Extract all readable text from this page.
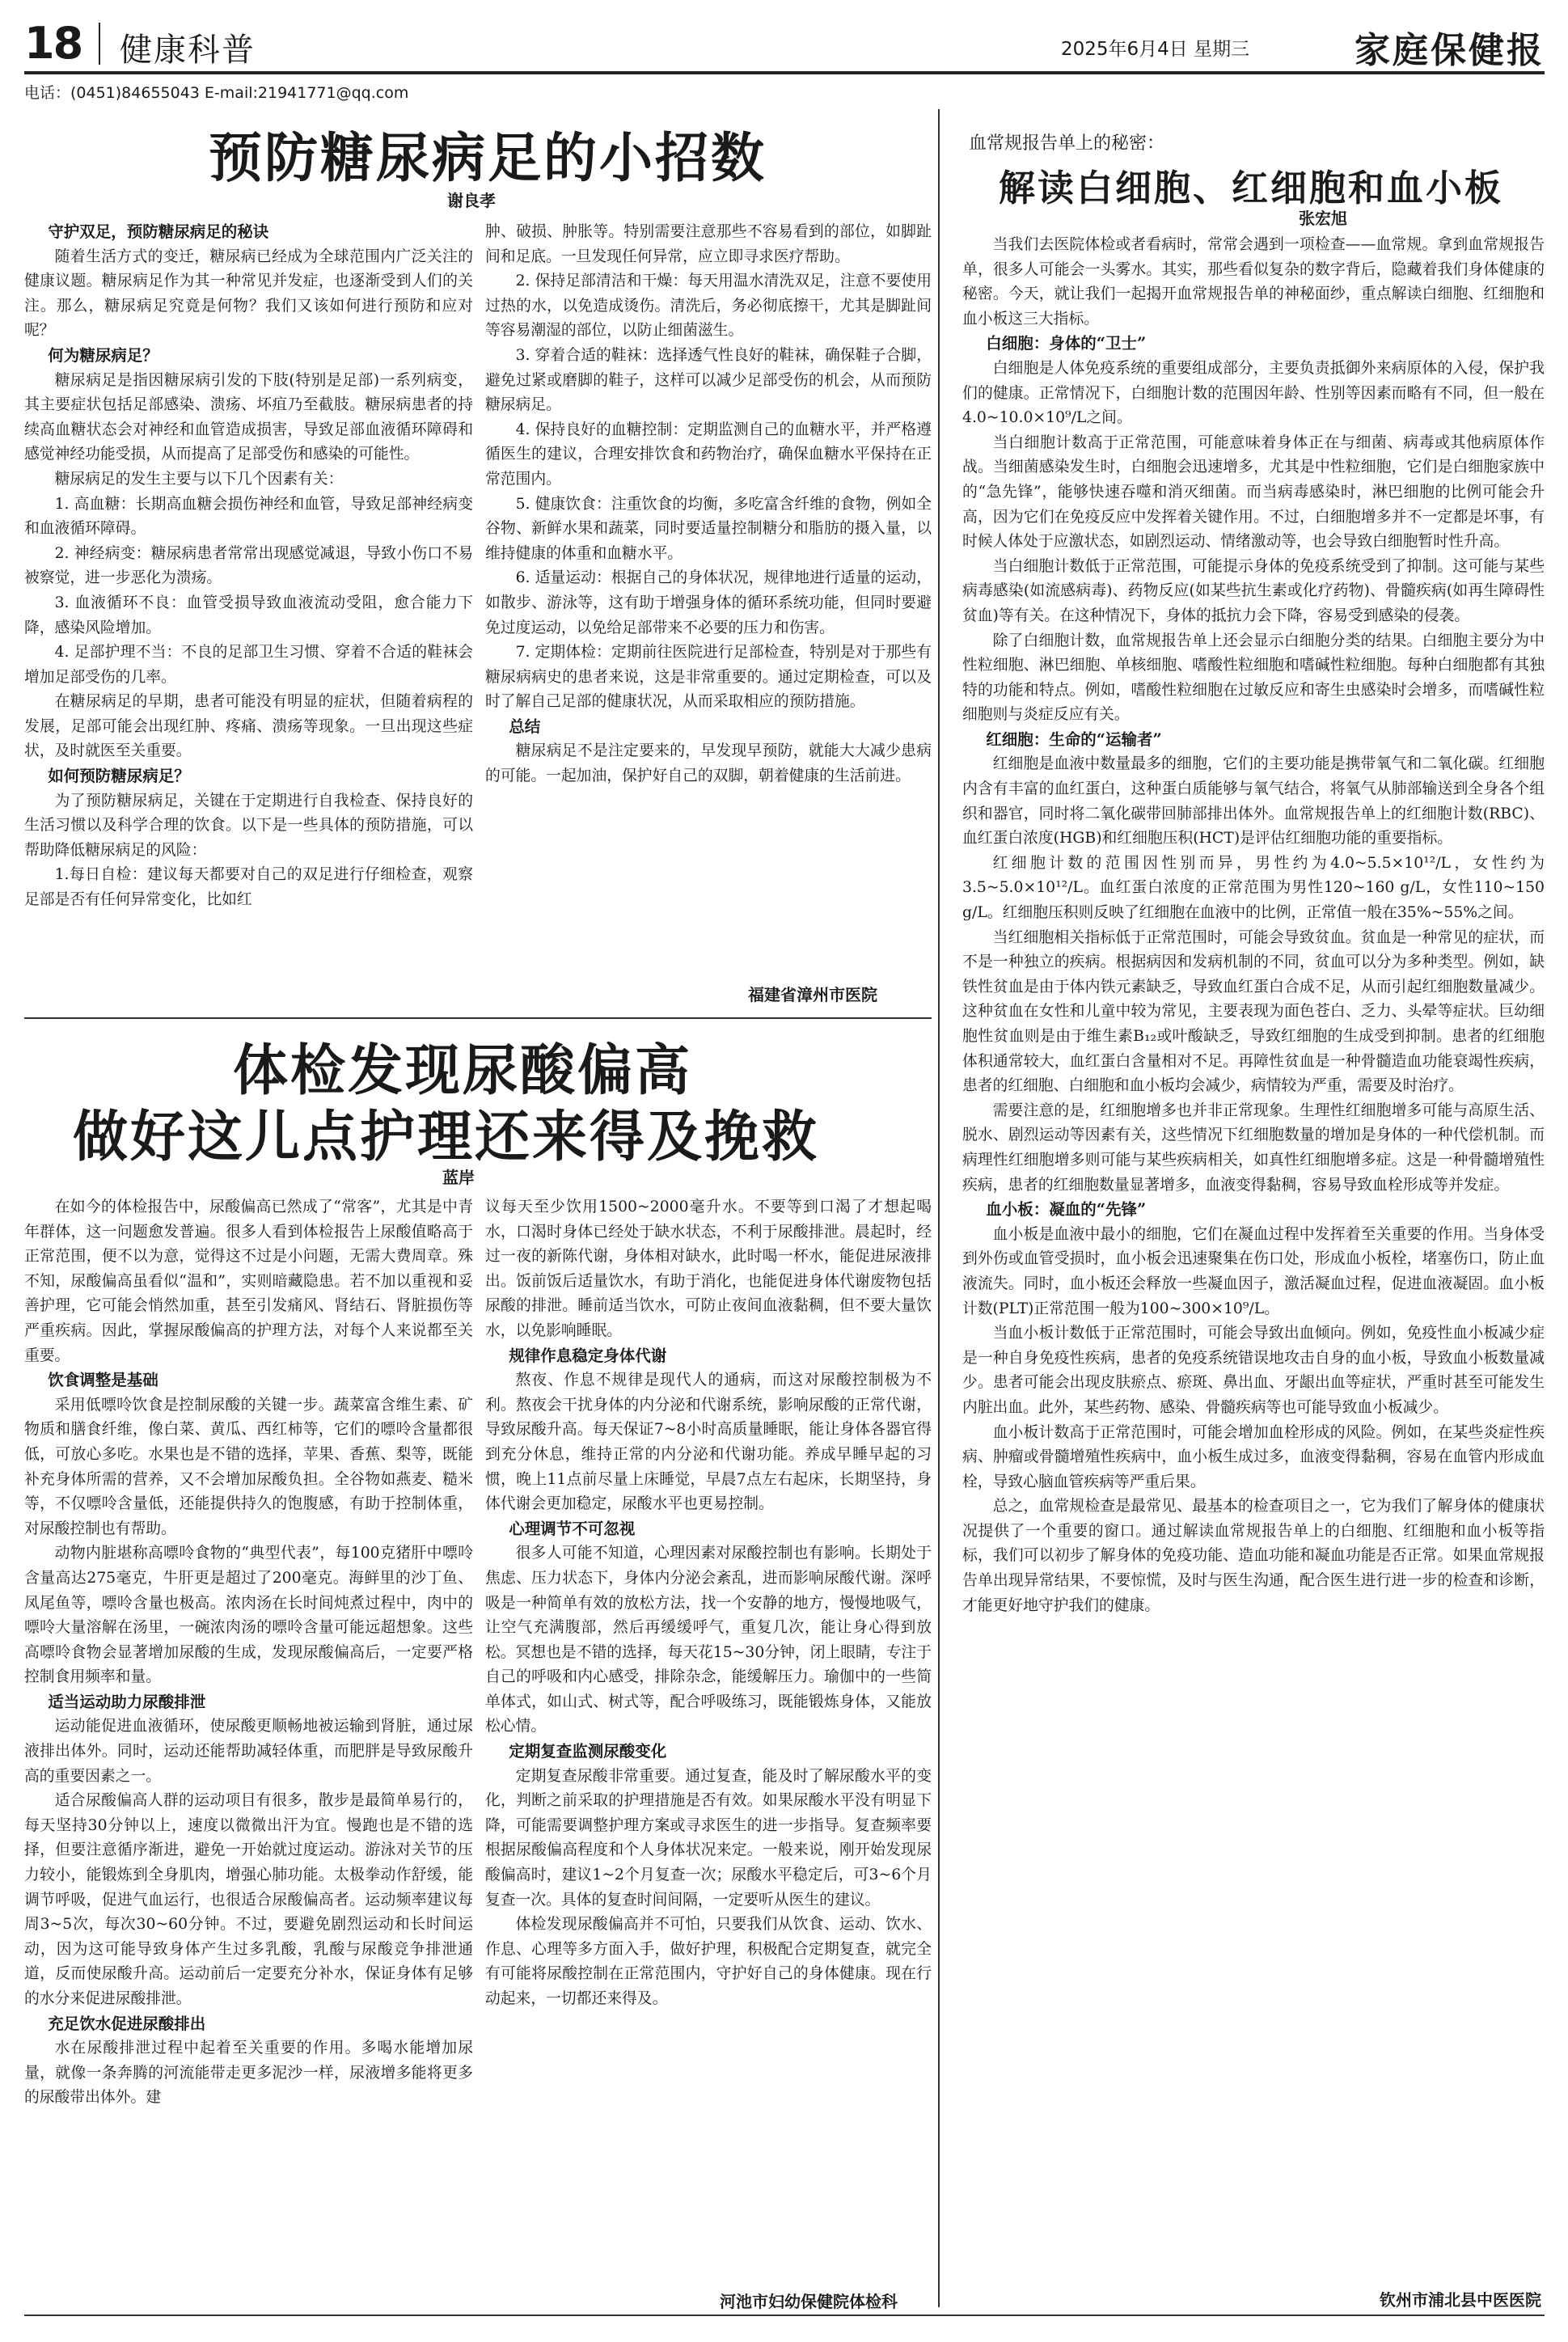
18 健康科普	2025年6月4日 星期三	家庭保健报
电话：(0451)84655043 E-mail:21941771@qq.com
预防糖尿病足的小招数
谢良孝
守护双足，预防糖尿病足的秘诀

随着生活方式的变迁，糖尿病已经成为全球范围内广泛关注的健康议题。糖尿病足作为其一种常见并发症，也逐渐受到人们的关注。那么，糖尿病足究竟是何物？我们又该如何进行预防和应对呢？

何为糖尿病足？

糖尿病足是指因糖尿病引发的下肢(特别是足部)一系列病变，其主要症状包括足部感染、溃疡、坏疽乃至截肢。糖尿病患者的持续高血糖状态会对神经和血管造成损害，导致足部血液循环障碍和感觉神经功能受损，从而提高了足部受伤和感染的可能性。

糖尿病足的发生主要与以下几个因素有关：

1. 高血糖：长期高血糖会损伤神经和血管，导致足部神经病变和血液循环障碍。

2. 神经病变：糖尿病患者常常出现感觉减退，导致小伤口不易被察觉，进一步恶化为溃疡。

3. 血液循环不良：血管受损导致血液流动受阻，愈合能力下降，感染风险增加。

4. 足部护理不当：不良的足部卫生习惯、穿着不合适的鞋袜会增加足部受伤的几率。

在糖尿病足的早期，患者可能没有明显的症状，但随着病程的发展，足部可能会出现红肿、疼痛、溃疡等现象。一旦出现这些症状，及时就医至关重要。

如何预防糖尿病足？

为了预防糖尿病足，关键在于定期进行自我检查、保持良好的生活习惯以及科学合理的饮食。以下是一些具体的预防措施，可以帮助降低糖尿病足的风险：

1.每日自检：建议每天都要对自己的双足进行仔细检查，观察足部是否有任何异常变化，比如红

肿、破损、肿胀等。特别需要注意那些不容易看到的部位，如脚趾间和足底。一旦发现任何异常，应立即寻求医疗帮助。

2. 保持足部清洁和干燥：每天用温水清洗双足，注意不要使用过热的水，以免造成烫伤。清洗后，务必彻底擦干，尤其是脚趾间等容易潮湿的部位，以防止细菌滋生。

3. 穿着合适的鞋袜：选择透气性良好的鞋袜，确保鞋子合脚，避免过紧或磨脚的鞋子，这样可以减少足部受伤的机会，从而预防糖尿病足。

4. 保持良好的血糖控制：定期监测自己的血糖水平，并严格遵循医生的建议，合理安排饮食和药物治疗，确保血糖水平保持在正常范围内。

5. 健康饮食：注重饮食的均衡，多吃富含纤维的食物，例如全谷物、新鲜水果和蔬菜，同时要适量控制糖分和脂肪的摄入量，以维持健康的体重和血糖水平。

6. 适量运动：根据自己的身体状况，规律地进行适量的运动，如散步、游泳等，这有助于增强身体的循环系统功能，但同时要避免过度运动，以免给足部带来不必要的压力和伤害。

7. 定期体检：定期前往医院进行足部检查，特别是对于那些有糖尿病病史的患者来说，这是非常重要的。通过定期检查，可以及时了解自己足部的健康状况，从而采取相应的预防措施。

总结

糖尿病足不是注定要来的，早发现早预防，就能大大减少患病的可能。一起加油，保护好自己的双脚，朝着健康的生活前进。

福建省漳州市医院
体检发现尿酸偏高
做好这儿点护理还来得及挽救
蓝岸

在如今的体检报告中，尿酸偏高已然成了“常客”，尤其是中青年群体，这一问题愈发普遍。很多人看到体检报告上尿酸值略高于正常范围，便不以为意，觉得这不过是小问题，无需大费周章。殊不知，尿酸偏高虽看似“温和”，实则暗藏隐患。若不加以重视和妥善护理，它可能会悄然加重，甚至引发痛风、肾结石、肾脏损伤等严重疾病。因此，掌握尿酸偏高的护理方法，对每个人来说都至关重要。

饮食调整是基础

采用低嘌呤饮食是控制尿酸的关键一步。蔬菜富含维生素、矿物质和膳食纤维，像白菜、黄瓜、西红柿等，它们的嘌呤含量都很低，可放心多吃。水果也是不错的选择，苹果、香蕉、梨等，既能补充身体所需的营养，又不会增加尿酸负担。全谷物如燕麦、糙米等，不仅嘌呤含量低，还能提供持久的饱腹感，有助于控制体重，对尿酸控制也有帮助。

动物内脏堪称高嘌呤食物的“典型代表”，每100克猪肝中嘌呤含量高达275毫克，牛肝更是超过了200毫克。海鲜里的沙丁鱼、凤尾鱼等，嘌呤含量也极高。浓肉汤在长时间炖煮过程中，肉中的嘌呤大量溶解在汤里，一碗浓肉汤的嘌呤含量可能远超想象。这些高嘌呤食物会显著增加尿酸的生成，发现尿酸偏高后，一定要严格控制食用频率和量。

适当运动助力尿酸排泄

运动能促进血液循环，使尿酸更顺畅地被运输到肾脏，通过尿液排出体外。同时，运动还能帮助减轻体重，而肥胖是导致尿酸升高的重要因素之一。

适合尿酸偏高人群的运动项目有很多，散步是最简单易行的，每天坚持30分钟以上，速度以微微出汗为宜。慢跑也是不错的选择，但要注意循序渐进，避免一开始就过度运动。游泳对关节的压力较小，能锻炼到全身肌肉，增强心肺功能。太极拳动作舒缓，能调节呼吸，促进气血运行，也很适合尿酸偏高者。运动频率建议每周3~5次，每次30~60分钟。不过，要避免剧烈运动和长时间运动，因为这可能导致身体产生过多乳酸，乳酸与尿酸竞争排泄通道，反而使尿酸升高。运动前后一定要充分补水，保证身体有足够的水分来促进尿酸排泄。

充足饮水促进尿酸排出

水在尿酸排泄过程中起着至关重要的作用。多喝水能增加尿量，就像一条奔腾的河流能带走更多泥沙一样，尿液增多能将更多的尿酸带出体外。建

议每天至少饮用1500~2000毫升水。不要等到口渴了才想起喝水，口渴时身体已经处于缺水状态，不利于尿酸排泄。晨起时，经过一夜的新陈代谢，身体相对缺水，此时喝一杯水，能促进尿液排出。饭前饭后适量饮水，有助于消化，也能促进身体代谢废物包括尿酸的排泄。睡前适当饮水，可防止夜间血液黏稠，但不要大量饮水，以免影响睡眠。

规律作息稳定身体代谢

熬夜、作息不规律是现代人的通病，而这对尿酸控制极为不利。熬夜会干扰身体的内分泌和代谢系统，影响尿酸的正常代谢，导致尿酸升高。每天保证7~8小时高质量睡眠，能让身体各器官得到充分休息，维持正常的内分泌和代谢功能。养成早睡早起的习惯，晚上11点前尽量上床睡觉，早晨7点左右起床，长期坚持，身体代谢会更加稳定，尿酸水平也更易控制。

心理调节不可忽视

很多人可能不知道，心理因素对尿酸控制也有影响。长期处于焦虑、压力状态下，身体内分泌会紊乱，进而影响尿酸代谢。深呼吸是一种简单有效的放松方法，找一个安静的地方，慢慢地吸气，让空气充满腹部，然后再缓缓呼气，重复几次，能让身心得到放松。冥想也是不错的选择，每天花15~30分钟，闭上眼睛，专注于自己的呼吸和内心感受，排除杂念，能缓解压力。瑜伽中的一些简单体式，如山式、树式等，配合呼吸练习，既能锻炼身体，又能放松心情。

定期复查监测尿酸变化

定期复查尿酸非常重要。通过复查，能及时了解尿酸水平的变化，判断之前采取的护理措施是否有效。如果尿酸水平没有明显下降，可能需要调整护理方案或寻求医生的进一步指导。复查频率要根据尿酸偏高程度和个人身体状况来定。一般来说，刚开始发现尿酸偏高时，建议1~2个月复查一次；尿酸水平稳定后，可3~6个月复查一次。具体的复查时间间隔，一定要听从医生的建议。

体检发现尿酸偏高并不可怕，只要我们从饮食、运动、饮水、作息、心理等多方面入手，做好护理，积极配合定期复查，就完全有可能将尿酸控制在正常范围内，守护好自己的身体健康。现在行动起来，一切都还来得及。

河池市妇幼保健院体检科
血常规报告单上的秘密：
解读白细胞、红细胞和血小板
张宏旭

当我们去医院体检或者看病时，常常会遇到一项检查——血常规。拿到血常规报告单，很多人可能会一头雾水。其实，那些看似复杂的数字背后，隐藏着我们身体健康的秘密。今天，就让我们一起揭开血常规报告单的神秘面纱，重点解读白细胞、红细胞和血小板这三大指标。

白细胞：身体的“卫士”

白细胞是人体免疫系统的重要组成部分，主要负责抵御外来病原体的入侵，保护我们的健康。正常情况下，白细胞计数的范围因年龄、性别等因素而略有不同，但一般在4.0~10.0×10⁹/L之间。

当白细胞计数高于正常范围，可能意味着身体正在与细菌、病毒或其他病原体作战。当细菌感染发生时，白细胞会迅速增多，尤其是中性粒细胞，它们是白细胞家族中的“急先锋”，能够快速吞噬和消灭细菌。而当病毒感染时，淋巴细胞的比例可能会升高，因为它们在免疫反应中发挥着关键作用。不过，白细胞增多并不一定都是坏事，有时候人体处于应激状态，如剧烈运动、情绪激动等，也会导致白细胞暂时性升高。

当白细胞计数低于正常范围，可能提示身体的免疫系统受到了抑制。这可能与某些病毒感染(如流感病毒)、药物反应(如某些抗生素或化疗药物)、骨髓疾病(如再生障碍性贫血)等有关。在这种情况下，身体的抵抗力会下降，容易受到感染的侵袭。

除了白细胞计数，血常规报告单上还会显示白细胞分类的结果。白细胞主要分为中性粒细胞、淋巴细胞、单核细胞、嗜酸性粒细胞和嗜碱性粒细胞。每种白细胞都有其独特的功能和特点。例如，嗜酸性粒细胞在过敏反应和寄生虫感染时会增多，而嗜碱性粒细胞则与炎症反应有关。

红细胞：生命的“运输者”

红细胞是血液中数量最多的细胞，它们的主要功能是携带氧气和二氧化碳。红细胞内含有丰富的血红蛋白，这种蛋白质能够与氧气结合，将氧气从肺部输送到全身各个组织和器官，同时将二氧化碳带回肺部排出体外。血常规报告单上的红细胞计数(RBC)、血红蛋白浓度(HGB)和红细胞压积(HCT)是评估红细胞功能的重要指标。

红细胞计数的范围因性别而异，男性约为4.0~5.5×10¹²/L，女性约为3.5~5.0×10¹²/L。血红蛋白浓度的正常范围为男性120~160 g/L，女性110~150 g/L。红细胞压积则反映了红细胞在血液中的比例，正常值一般在35%~55%之间。

当红细胞相关指标低于正常范围时，可能会导致贫血。贫血是一种常见的症状，而不是一种独立的疾病。根据病因和发病机制的不同，贫血可以分为多种类型。例如，缺铁性贫血是由于体内铁元素缺乏，导致血红蛋白合成不足，从而引起红细胞数量减少。这种贫血在女性和儿童中较为常见，主要表现为面色苍白、乏力、头晕等症状。巨幼细胞性贫血则是由于维生素B₁₂或叶酸缺乏，导致红细胞的生成受到抑制。患者的红细胞体积通常较大，血红蛋白含量相对不足。再障性贫血是一种骨髓造血功能衰竭性疾病，患者的红细胞、白细胞和血小板均会减少，病情较为严重，需要及时治疗。

需要注意的是，红细胞增多也并非正常现象。生理性红细胞增多可能与高原生活、脱水、剧烈运动等因素有关，这些情况下红细胞数量的增加是身体的一种代偿机制。而病理性红细胞增多则可能与某些疾病相关，如真性红细胞增多症。这是一种骨髓增殖性疾病，患者的红细胞数量显著增多，血液变得黏稠，容易导致血栓形成等并发症。

血小板：凝血的“先锋”

血小板是血液中最小的细胞，它们在凝血过程中发挥着至关重要的作用。当身体受到外伤或血管受损时，血小板会迅速聚集在伤口处，形成血小板栓，堵塞伤口，防止血液流失。同时，血小板还会释放一些凝血因子，激活凝血过程，促进血液凝固。血小板计数(PLT)正常范围一般为100~300×10⁹/L。

当血小板计数低于正常范围时，可能会导致出血倾向。例如，免疫性血小板减少症是一种自身免疫性疾病，患者的免疫系统错误地攻击自身的血小板，导致血小板数量减少。患者可能会出现皮肤瘀点、瘀斑、鼻出血、牙龈出血等症状，严重时甚至可能发生内脏出血。此外，某些药物、感染、骨髓疾病等也可能导致血小板减少。

血小板计数高于正常范围时，可能会增加血栓形成的风险。例如，在某些炎症性疾病、肿瘤或骨髓增殖性疾病中，血小板生成过多，血液变得黏稠，容易在血管内形成血栓，导致心脑血管疾病等严重后果。

总之，血常规检查是最常见、最基本的检查项目之一，它为我们了解身体的健康状况提供了一个重要的窗口。通过解读血常规报告单上的白细胞、红细胞和血小板等指标，我们可以初步了解身体的免疫功能、造血功能和凝血功能是否正常。如果血常规报告单出现异常结果，不要惊慌，及时与医生沟通，配合医生进行进一步的检查和诊断，才能更好地守护我们的健康。

钦州市浦北县中医医院
